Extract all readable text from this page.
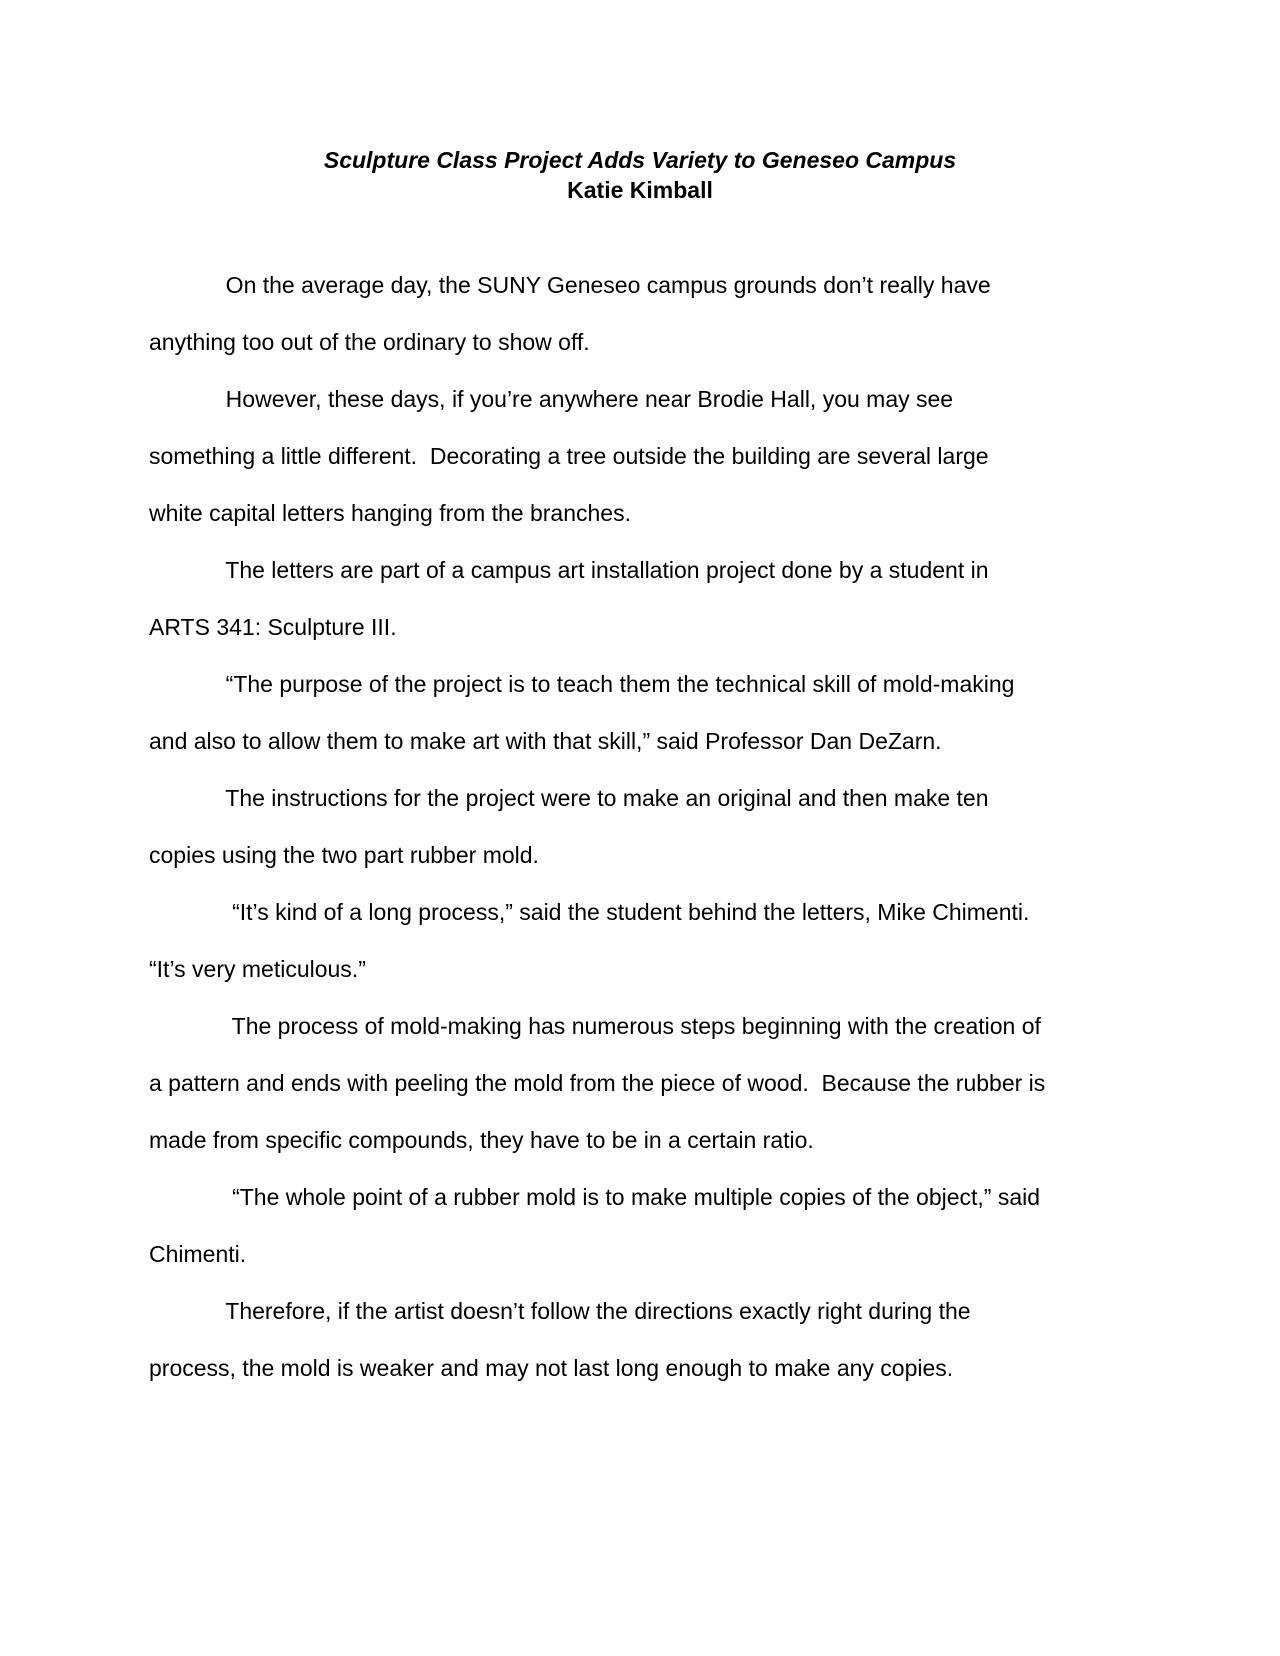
Sculpture Class Project Adds Variety to Geneseo Campus

Katie Kimball

On the average day, the SUNY Geneseo campus grounds don’t really have
anything too out of the ordinary to show off.
However, these days, if you’re anywhere near Brodie Hall, you may see
something a little different.  Decorating a tree outside the building are several large
white capital letters hanging from the branches.
The letters are part of a campus art installation project done by a student in
ARTS 341: Sculpture III.
“The purpose of the project is to teach them the technical skill of mold-making
and also to allow them to make art with that skill,” said Professor Dan DeZarn.
The instructions for the project were to make an original and then make ten
copies using the two part rubber mold.
“It’s kind of a long process,” said the student behind the letters, Mike Chimenti.
“It’s very meticulous.”
The process of mold-making has numerous steps beginning with the creation of
a pattern and ends with peeling the mold from the piece of wood.  Because the rubber is
made from specific compounds, they have to be in a certain ratio.
“The whole point of a rubber mold is to make multiple copies of the object,” said
Chimenti.
Therefore, if the artist doesn’t follow the directions exactly right during the
process, the mold is weaker and may not last long enough to make any copies.
